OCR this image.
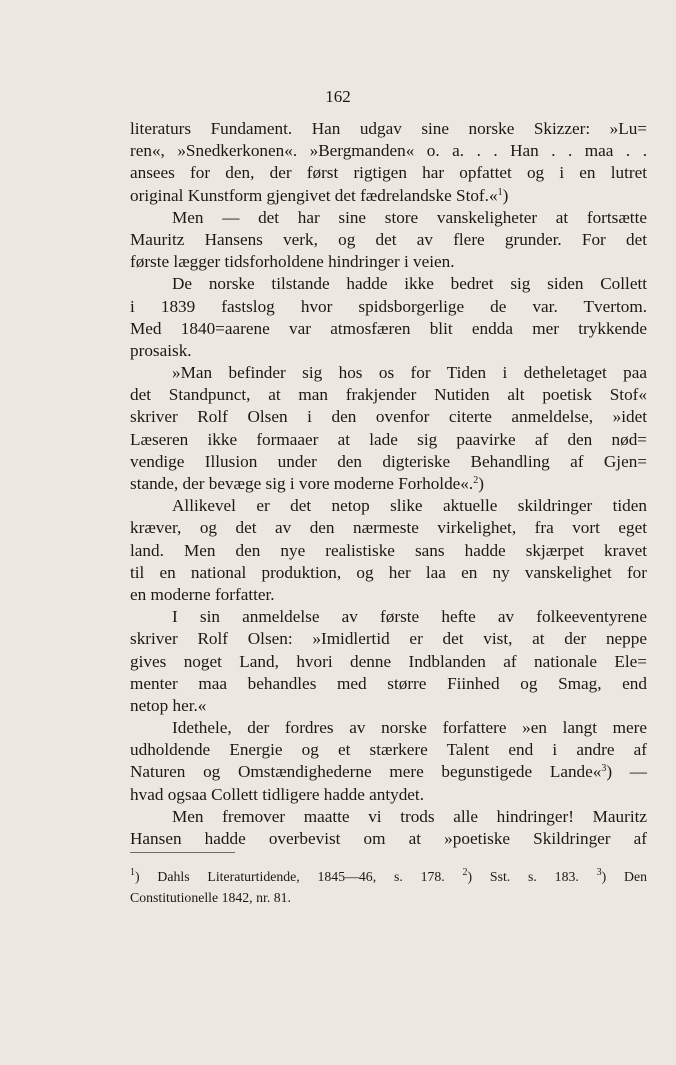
162
literaturs Fundament. Han udgav sine norske Skizzer: »Lu=
ren«, »Snedkerkonen«. »Bergmanden« o. a. . . Han . . maa . .
ansees for den, der først rigtigen har opfattet og i en lutret
original Kunstform gjengivet det fædrelandske Stof.«$^1$)
Men — det har sine store vanskeligheter at fortsætte
Mauritz Hansens verk, og det av flere grunder. For det
første lægger tidsforholdene hindringer i veien.
De norske tilstande hadde ikke bedret sig siden Collett
i 1839 fastslog hvor spidsborgerlige de var. Tvertom.
Med 1840=aarene var atmosfæren blit endda mer trykkende
prosaisk.
»Man befinder sig hos os for Tiden i detheletaget paa
det Standpunct, at man frakjender Nutiden alt poetisk Stof«
skriver Rolf Olsen i den ovenfor citerte anmeldelse, »idet
Læseren ikke formaaer at lade sig paavirke af den nød=
vendige Illusion under den digteriske Behandling af Gjen=
stande, der bevæge sig i vore moderne Forholde«.$^2$)
Allikevel er det netop slike aktuelle skildringer tiden
kræver, og det av den nærmeste virkelighet, fra vort eget
land. Men den nye realistiske sans hadde skjærpet kravet
til en national produktion, og her laa en ny vanskelighet for
en moderne forfatter.
I sin anmeldelse av første hefte av folkeeventyrene
skriver Rolf Olsen: »Imidlertid er det vist, at der neppe
gives noget Land, hvori denne Indblanden af nationale Ele=
menter maa behandles med større Fiinhed og Smag, end
netop her.«
Idethele, der fordres av norske forfattere »en langt mere
udholdende Energie og et stærkere Talent end i andre af
Naturen og Omstændighederne mere begunstigede Lande«$^3$) —
hvad ogsaa Collett tidligere hadde antydet.
Men fremover maatte vi trods alle hindringer! Mauritz
Hansen hadde overbevist om at »poetiske Skildringer af
$^1$) Dahls Literaturtidende, 1845—46, s. 178. $^2$) Sst. s. 183. $^3$) Den
Constitutionelle 1842, nr. 81.
